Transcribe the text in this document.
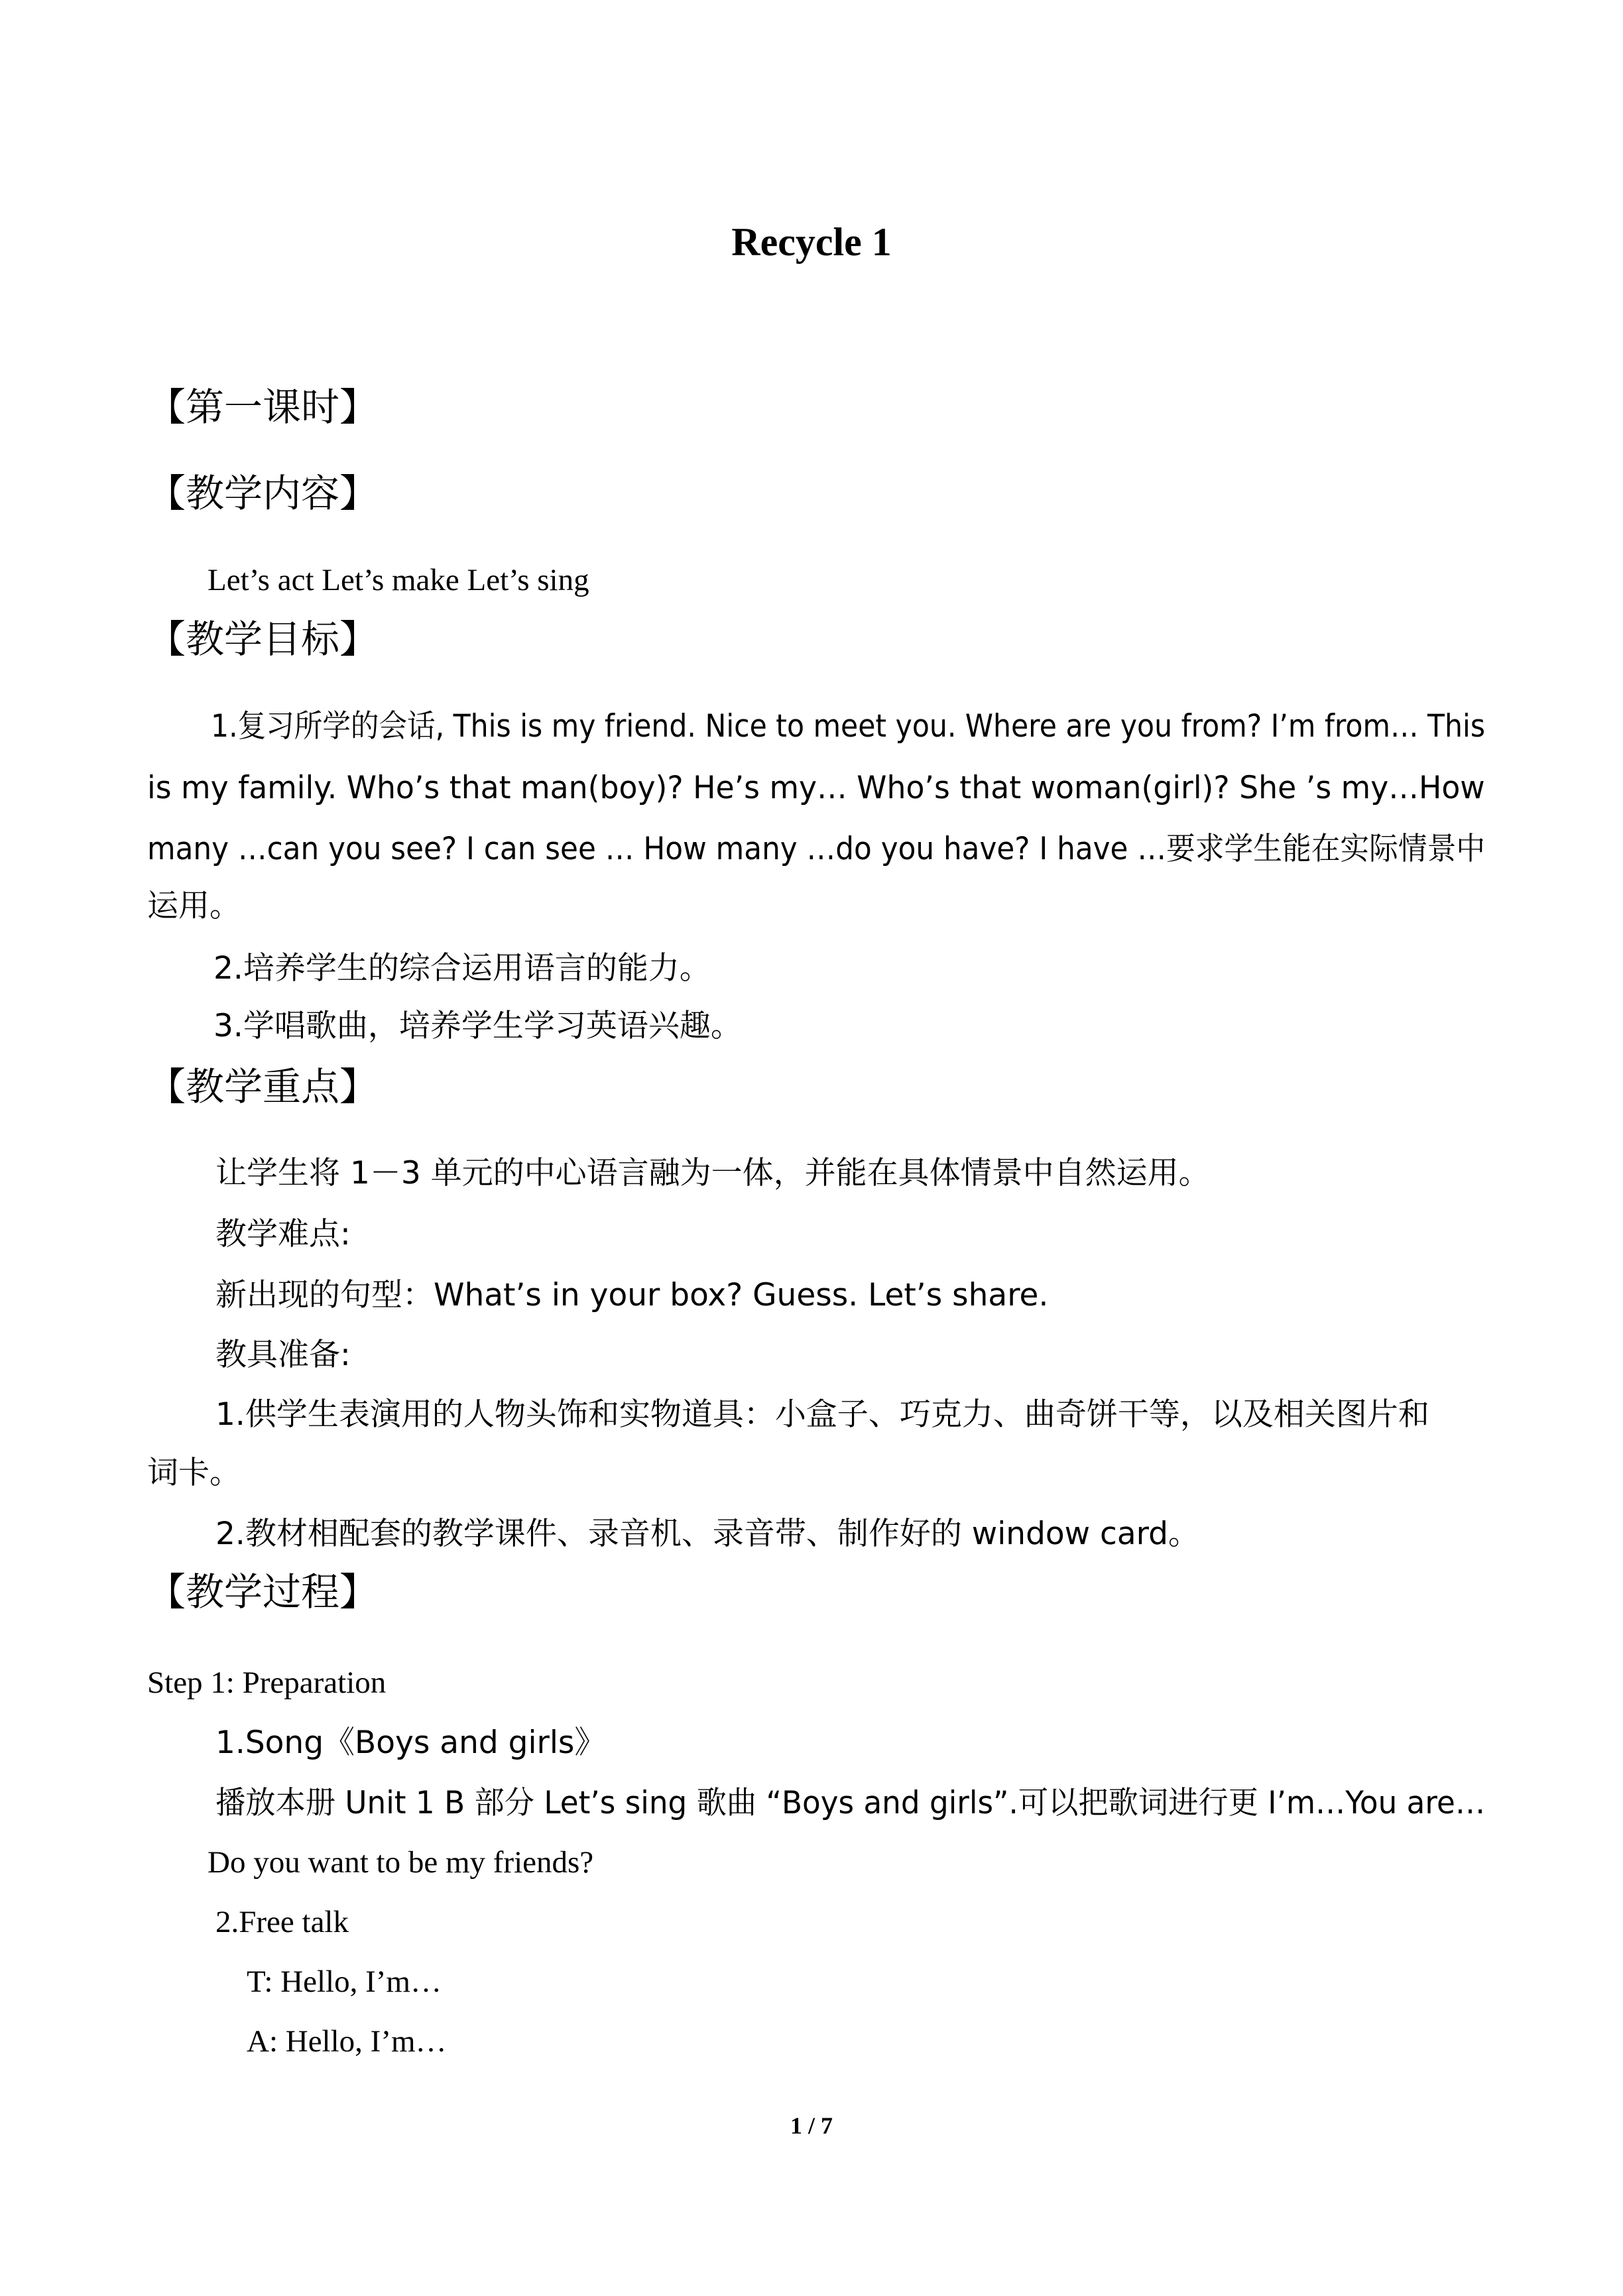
Recycle 1
【第一课时】
【教学内容】
Let’s act Let’s make Let’s sing
【教学目标】
1.复习所学的会话, This is my friend. Nice to meet you. Where are you from? I’m from… This
is my family. Who’s that man(boy)? He’s my… Who’s that woman(girl)? She ’s my…How
many …can you see? I can see … How many …do you have? I have …要求学生能在实际情景中
运用。
2.培养学生的综合运用语言的能力。
3.学唱歌曲，培养学生学习英语兴趣。
【教学重点】
让学生将 1－3 单元的中心语言融为一体，并能在具体情景中自然运用。
教学难点:
新出现的句型：What’s in your box? Guess. Let’s share.
教具准备:
1.供学生表演用的人物头饰和实物道具：小盒子、巧克力、曲奇饼干等，以及相关图片和
词卡。
2.教材相配套的教学课件、录音机、录音带、制作好的 window card。
【教学过程】
Step 1: Preparation
1.Song《Boys and girls》
播放本册 Unit 1 B 部分 Let’s sing 歌曲 “Boys and girls”.可以把歌词进行更 I’m…You are…
Do you want to be my friends?
2.Free talk
T: Hello, I’m…
A: Hello, I’m…
1 / 7
